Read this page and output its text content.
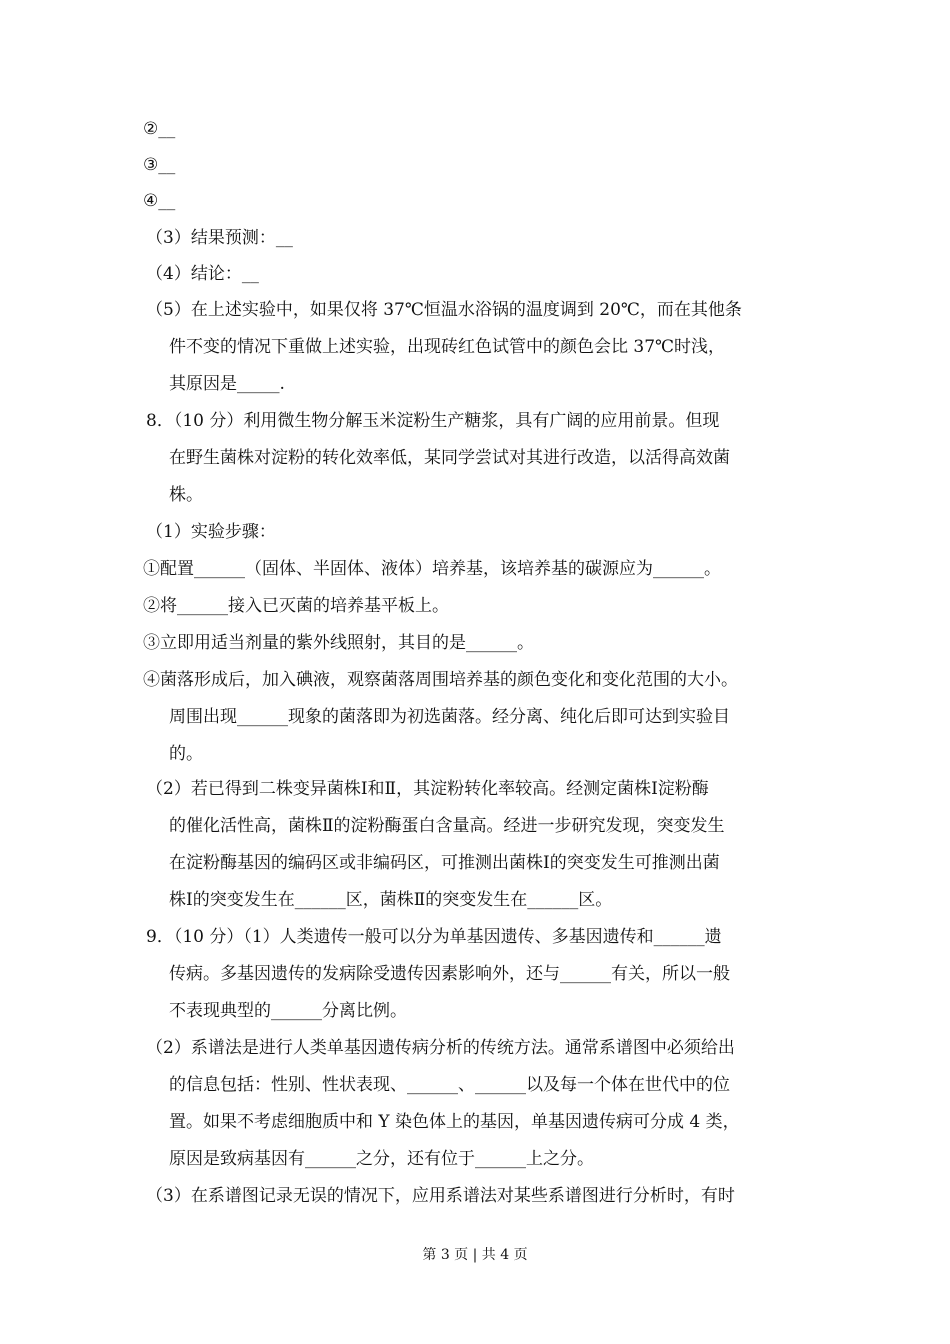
②__
③__
④__
（3）结果预测：__
（4）结论：__
（5）在上述实验中，如果仅将 37℃恒温水浴锅的温度调到 20℃，而在其他条
件不变的情况下重做上述实验，出现砖红色试管中的颜色会比 37℃时浅，
其原因是_____.
8．（10 分）利用微生物分解玉米淀粉生产糖浆，具有广阔的应用前景。但现
在野生菌株对淀粉的转化效率低，某同学尝试对其进行改造，以活得高效菌
株。
（1）实验步骤：
①配置______（固体、半固体、液体）培养基，该培养基的碳源应为______。
②将______接入已灭菌的培养基平板上。
③立即用适当剂量的紫外线照射，其目的是______。
④菌落形成后，加入碘液，观察菌落周围培养基的颜色变化和变化范围的大小。
周围出现______现象的菌落即为初选菌落。经分离、纯化后即可达到实验目
的。
（2）若已得到二株变异菌株Ⅰ和Ⅱ，其淀粉转化率较高。经测定菌株Ⅰ淀粉酶
的催化活性高，菌株Ⅱ的淀粉酶蛋白含量高。经进一步研究发现，突变发生
在淀粉酶基因的编码区或非编码区，可推测出菌株Ⅰ的突变发生可推测出菌
株Ⅰ的突变发生在______区，菌株Ⅱ的突变发生在______区。
9．（10 分）（1）人类遗传一般可以分为单基因遗传、多基因遗传和______遗
传病。多基因遗传的发病除受遗传因素影响外，还与______有关，所以一般
不表现典型的______分离比例。
（2）系谱法是进行人类单基因遗传病分析的传统方法。通常系谱图中必须给出
的信息包括：性别、性状表现、______、______以及每一个体在世代中的位
置。如果不考虑细胞质中和 Y 染色体上的基因，单基因遗传病可分成 4 类，
原因是致病基因有______之分，还有位于______上之分。
（3）在系谱图记录无误的情况下，应用系谱法对某些系谱图进行分析时，有时
第 3 页 | 共 4 页
